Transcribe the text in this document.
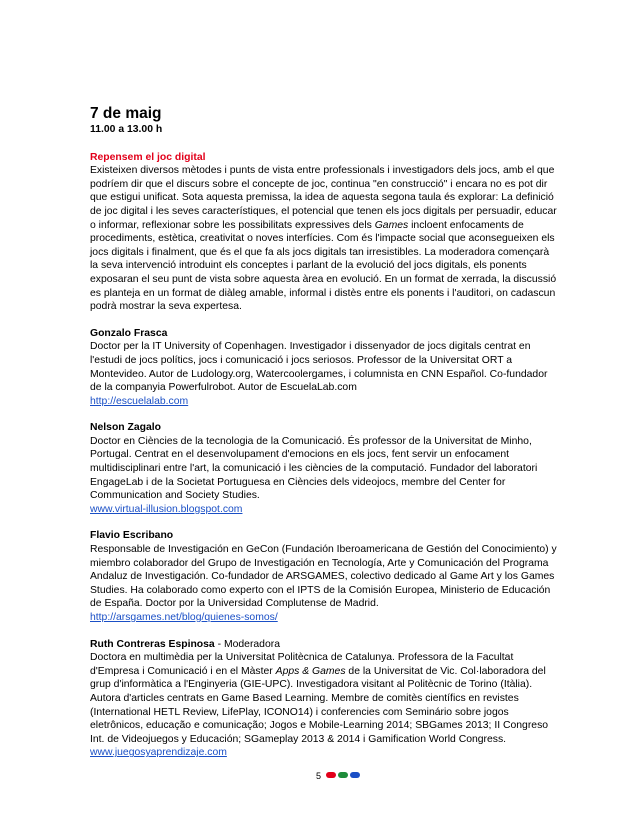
7 de maig

11.00 a 13.00 h

Repensem el joc digital

Existeixen diversos mètodes i punts de vista entre professionals i investigadors dels jocs, amb el que podríem dir que el discurs sobre el concepte de joc, continua "en construcció" i encara no es pot dir que estigui unificat. Sota aquesta premissa, la idea de aquesta segona taula és explorar: La definició de joc digital i les seves característiques, el potencial que tenen els jocs digitals per persuadir, educar o informar, reflexionar sobre les possibilitats expressives dels Games incloent enfocaments de procediments, estètica, creativitat o noves interfícies. Com és l'impacte social que aconsegueixen els jocs digitals i finalment, que és el que fa als jocs digitals tan irresistibles. La moderadora començarà la seva intervenció introduint els conceptes i parlant de la evolució del jocs digitals, els ponents exposaran el seu punt de vista sobre aquesta àrea en evolució. En un format de xerrada, la discussió es planteja en un format de diàleg amable, informal i distès entre els ponents i l'auditori, on cadascun podrà mostrar la seva expertesa.

Gonzalo Frasca

Doctor per la IT University of Copenhagen. Investigador i dissenyador de jocs digitals centrat en l'estudi de jocs polítics, jocs i comunicació i jocs seriosos. Professor de la Universitat ORT a Montevideo. Autor de Ludology.org, Watercoolergames, i columnista en CNN Español. Co-fundador de la companyia Powerfulrobot. Autor de EscuelaLab.com

http://escuelalab.com

Nelson Zagalo

Doctor en Ciències de la tecnologia de la Comunicació. És professor de la Universitat de Minho, Portugal. Centrat en el desenvolupament d'emocions en els jocs, fent servir un enfocament multidisciplinari entre l'art, la comunicació i les ciències de la computació. Fundador del laboratori EngageLab i de la Societat Portuguesa en Ciències dels videojocs, membre del Center for Communication and Society Studies.

www.virtual-illusion.blogspot.com

Flavio Escribano

Responsable de Investigación en GeCon (Fundación Iberoamericana de Gestión del Conocimiento) y miembro colaborador del Grupo de Investigación en Tecnología, Arte y Comunicación del Programa Andaluz de Investigación. Co-fundador de ARSGAMES, colectivo dedicado al Game Art y los Games Studies. Ha colaborado como experto con el IPTS de la Comisión Europea, Ministerio de Educación de España. Doctor por la Universidad Complutense de Madrid.

http://arsgames.net/blog/quienes-somos/

Ruth Contreras Espinosa - Moderadora

Doctora en multimèdia per la Universitat Politècnica de Catalunya. Professora de la Facultat d'Empresa i Comunicació i en el Màster Apps & Games de la Universitat de Vic. Col·laboradora del grup d'informàtica a l'Enginyeria (GIE-UPC). Investigadora visitant al Politècnic de Torino (Itàlia). Autora d'articles centrats en Game Based Learning. Membre de comitès científics en revistes (International HETL Review, LifePlay, ICONO14) i conferencies com Seminário sobre jogos eletrônicos, educação e comunicação; Jogos e Mobile-Learning 2014; SBGames 2013; II Congreso Int. de Videojuegos y Educación; SGameplay 2013 & 2014 i Gamification World Congress.

www.juegosyaprendizaje.com
5
